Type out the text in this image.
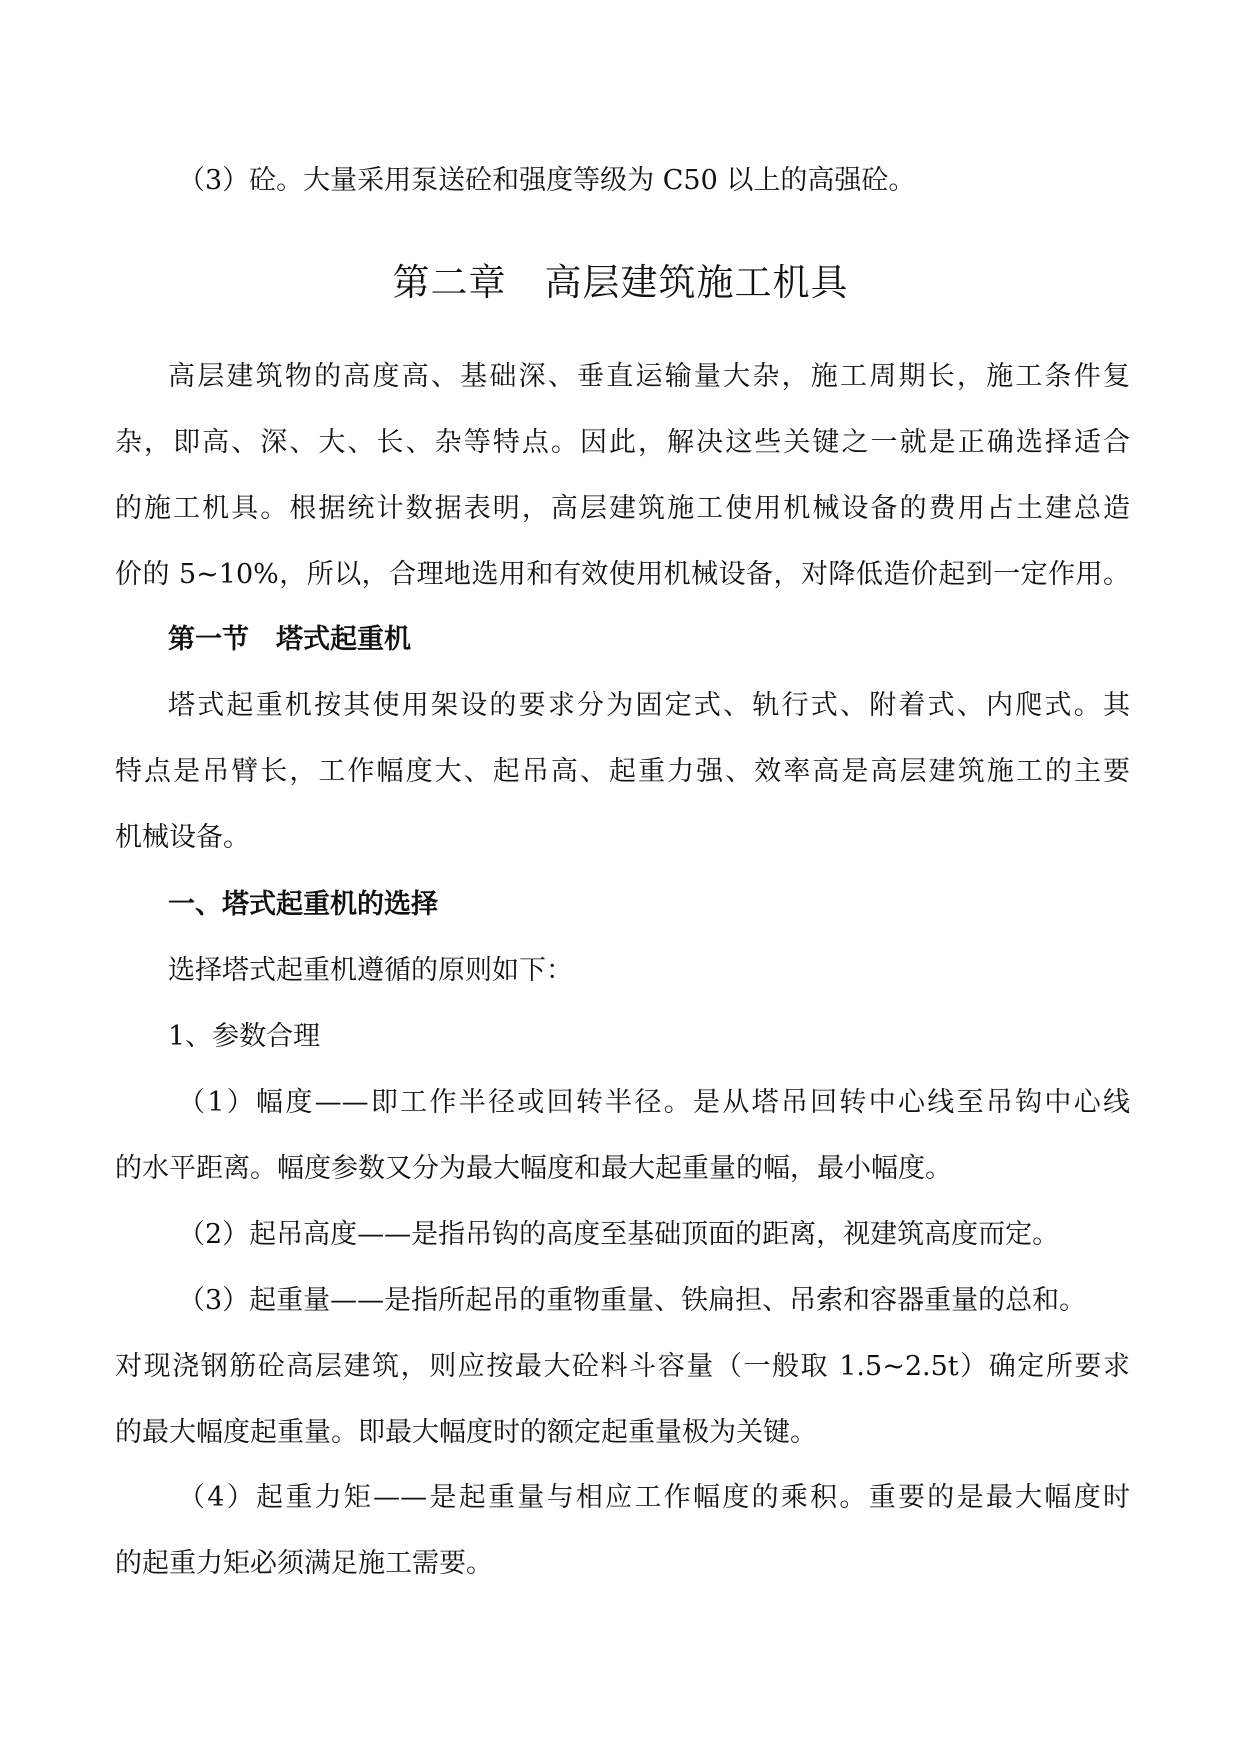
（3）砼。大量采用泵送砼和强度等级为 C50 以上的高强砼。

第二章　高层建筑施工机具

高层建筑物的高度高、基础深、垂直运输量大杂，施工周期长，施工条件复

杂，即高、深、大、长、杂等特点。因此，解决这些关键之一就是正确选择适合

的施工机具。根据统计数据表明，高层建筑施工使用机械设备的费用占土建总造

价的 5~10%，所以，合理地选用和有效使用机械设备，对降低造价起到一定作用。

第一节　塔式起重机

塔式起重机按其使用架设的要求分为固定式、轨行式、附着式、内爬式。其

特点是吊臂长，工作幅度大、起吊高、起重力强、效率高是高层建筑施工的主要

机械设备。

一、塔式起重机的选择

选择塔式起重机遵循的原则如下：

1、参数合理

（1）幅度——即工作半径或回转半径。是从塔吊回转中心线至吊钩中心线

的水平距离。幅度参数又分为最大幅度和最大起重量的幅，最小幅度。

（2）起吊高度——是指吊钩的高度至基础顶面的距离，视建筑高度而定。

（3）起重量——是指所起吊的重物重量、铁扁担、吊索和容器重量的总和。

对现浇钢筋砼高层建筑，则应按最大砼料斗容量（一般取 1.5~2.5t）确定所要求

的最大幅度起重量。即最大幅度时的额定起重量极为关键。

（4）起重力矩——是起重量与相应工作幅度的乘积。重要的是最大幅度时

的起重力矩必须满足施工需要。
